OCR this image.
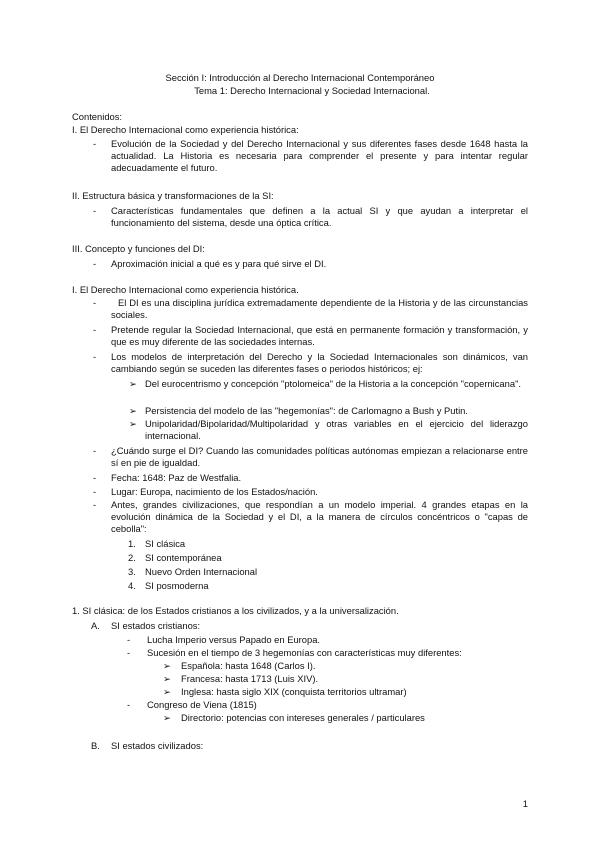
Sección I: Introducción al Derecho Internacional Contemporáneo
Tema 1: Derecho Internacional y Sociedad Internacional.
Contenidos:
I. El Derecho Internacional como experiencia histórica:
- Evolución de la Sociedad y del Derecho Internacional y sus diferentes fases desde 1648 hasta la actualidad. La Historia es necesaria para comprender el presente y para intentar regular adecuadamente el futuro.
II. Estructura básica y transformaciones de la SI:
- Características fundamentales que definen a la actual SI y que ayudan a interpretar el funcionamiento del sistema, desde una óptica crítica.
III. Concepto y funciones del DI:
- Aproximación inicial a qué es y para qué sirve el DI.
I. El Derecho Internacional como experiencia histórica.
-	El DI es una disciplina jurídica extremadamente dependiente de la Historia y de las circunstancias sociales.
- Pretende regular la Sociedad Internacional, que está en permanente formación y transformación, y que es muy diferente de las sociedades internas.
- Los modelos de interpretación del Derecho y la Sociedad Internacionales son dinámicos, van cambiando según se suceden las diferentes fases o periodos históricos; ej:
➢ Del eurocentrismo y concepción "ptolomeica" de la Historia a la concepción "copernicana".
➢ Persistencia del modelo de las "hegemonías": de Carlomagno a Bush y Putin.
➢ Unipolaridad/Bipolaridad/Multipolaridad y otras variables en el ejercicio del liderazgo internacional.
- ¿Cuándo surge el DI? Cuando las comunidades políticas autónomas empiezan a relacionarse entre sí en pie de igualdad.
- Fecha: 1648: Paz de Westfalia.
- Lugar: Europa, nacimiento de los Estados/nación.
- Antes, grandes civilizaciones, que respondían a un modelo imperial. 4 grandes etapas en la evolución dinámica de la Sociedad y el DI, a la manera de círculos concéntricos o "capas de cebolla":
1. SI clásica
2. SI contemporánea
3. Nuevo Orden Internacional
4. SI posmoderna
1. SI clásica: de los Estados cristianos a los civilizados, y a la universalización.
A. SI estados cristianos:
- Lucha Imperio versus Papado en Europa.
- Sucesión en el tiempo de 3 hegemonías con características muy diferentes:
➢ Española: hasta 1648 (Carlos I).
➢ Francesa: hasta 1713 (Luis XIV).
➢ Inglesa: hasta siglo XIX (conquista territorios ultramar)
- Congreso de Viena (1815)
➢ Directorio: potencias con intereses generales / particulares
B. SI estados civilizados:
1
